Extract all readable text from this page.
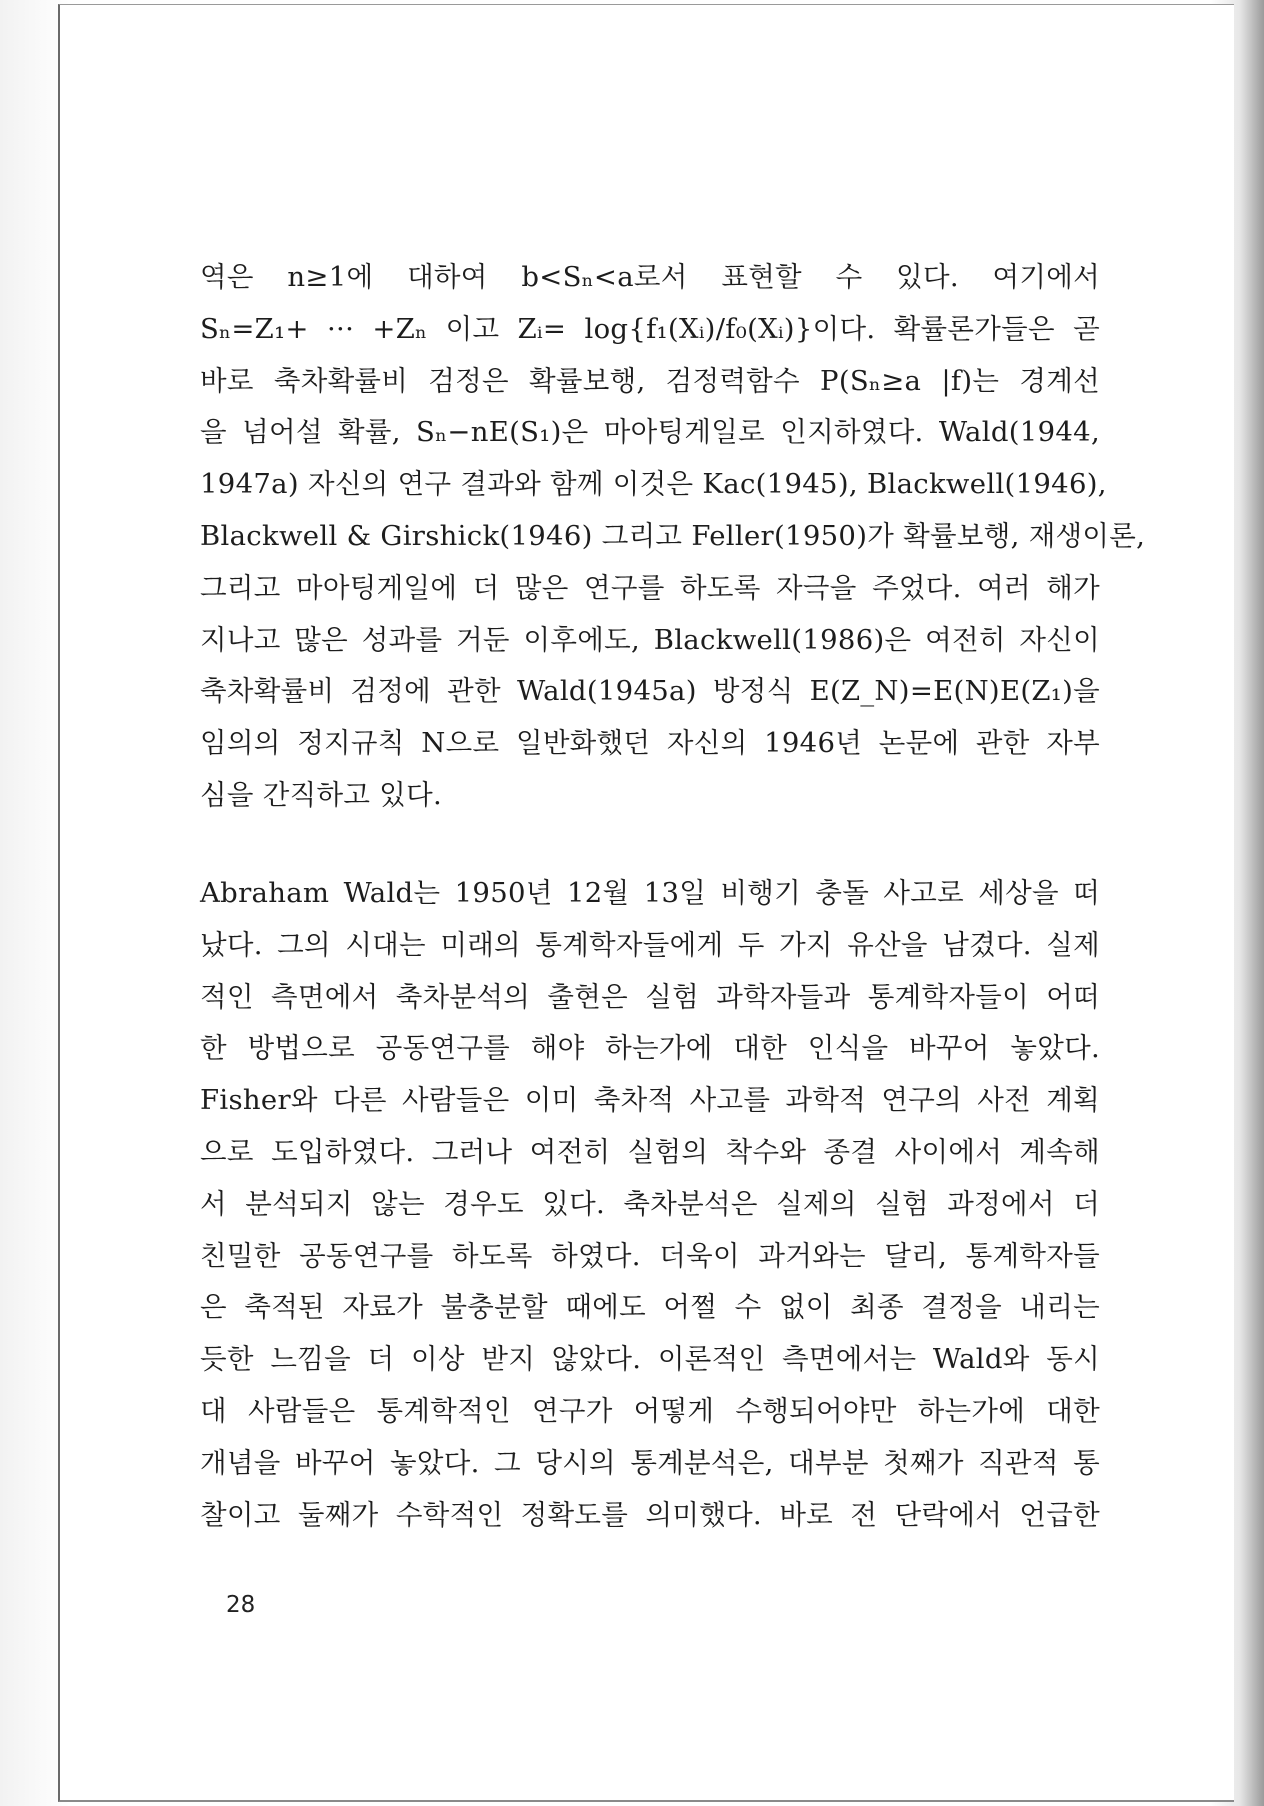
역은 n≥1에 대하여 b<Sₙ<a로서 표현할 수 있다. 여기에서
Sₙ=Z₁+ ··· +Zₙ 이고 Zᵢ= log{f₁(Xᵢ)/f₀(Xᵢ)}이다. 확률론가들은 곧
바로 축차확률비 검정은 확률보행, 검정력함수 P(Sₙ≥a |f)는 경계선
을 넘어설 확률, Sₙ−nE(S₁)은 마아팅게일로 인지하였다. Wald(1944,
1947a) 자신의 연구 결과와 함께 이것은 Kac(1945), Blackwell(1946),
Blackwell & Girshick(1946) 그리고 Feller(1950)가 확률보행, 재생이론,
그리고 마아팅게일에 더 많은 연구를 하도록 자극을 주었다. 여러 해가
지나고 많은 성과를 거둔 이후에도, Blackwell(1986)은 여전히 자신이
축차확률비 검정에 관한 Wald(1945a) 방정식 E(Z_N)=E(N)E(Z₁)을
임의의 정지규칙 N으로 일반화했던 자신의 1946년 논문에 관한 자부
심을 간직하고 있다.
Abraham Wald는 1950년 12월 13일 비행기 충돌 사고로 세상을 떠
났다. 그의 시대는 미래의 통계학자들에게 두 가지 유산을 남겼다. 실제
적인 측면에서 축차분석의 출현은 실험 과학자들과 통계학자들이 어떠
한 방법으로 공동연구를 해야 하는가에 대한 인식을 바꾸어 놓았다.
Fisher와 다른 사람들은 이미 축차적 사고를 과학적 연구의 사전 계획
으로 도입하였다. 그러나 여전히 실험의 착수와 종결 사이에서 계속해
서 분석되지 않는 경우도 있다. 축차분석은 실제의 실험 과정에서 더
친밀한 공동연구를 하도록 하였다. 더욱이 과거와는 달리, 통계학자들
은 축적된 자료가 불충분할 때에도 어쩔 수 없이 최종 결정을 내리는
듯한 느낌을 더 이상 받지 않았다. 이론적인 측면에서는 Wald와 동시
대 사람들은 통계학적인 연구가 어떻게 수행되어야만 하는가에 대한
개념을 바꾸어 놓았다. 그 당시의 통계분석은, 대부분 첫째가 직관적 통
찰이고 둘째가 수학적인 정확도를 의미했다. 바로 전 단락에서 언급한
28
